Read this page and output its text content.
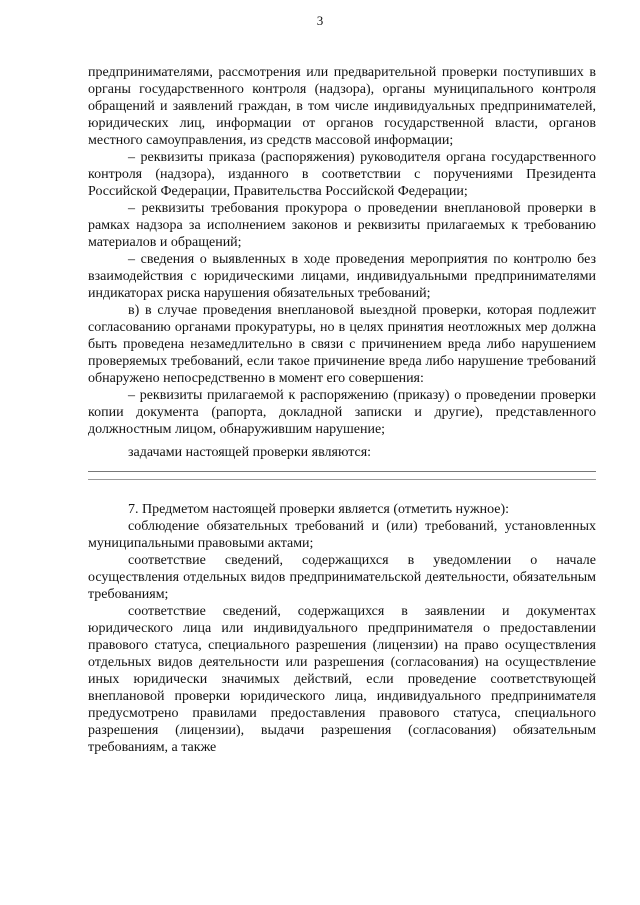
3

предпринимателями, рассмотрения или предварительной проверки поступивших в органы государственного контроля (надзора), органы муниципального контроля обращений и заявлений граждан, в том числе индивидуальных предпринимателей, юридических лиц, информации от органов государственной власти, органов местного самоуправления, из средств массовой информации;

– реквизиты приказа (распоряжения) руководителя органа государственного контроля (надзора), изданного в соответствии с поручениями Президента Российской Федерации, Правительства Российской Федерации;

– реквизиты требования прокурора о проведении внеплановой проверки в рамках надзора за исполнением законов и реквизиты прилагаемых к требованию материалов и обращений;

– сведения о выявленных в ходе проведения мероприятия по контролю без взаимодействия с юридическими лицами, индивидуальными предпринимателями индикаторах риска нарушения обязательных требований;

в) в случае проведения внеплановой выездной проверки, которая подлежит согласованию органами прокуратуры, но в целях принятия неотложных мер должна быть проведена незамедлительно в связи с причинением вреда либо нарушением проверяемых требований, если такое причинение вреда либо нарушение требований обнаружено непосредственно в момент его совершения:

– реквизиты прилагаемой к распоряжению (приказу) о проведении проверки копии документа (рапорта, докладной записки и другие), представленного должностным лицом, обнаружившим нарушение;

задачами настоящей проверки являются:

7. Предметом настоящей проверки является (отметить нужное):

соблюдение обязательных требований и (или) требований, установленных муниципальными правовыми актами;

соответствие сведений, содержащихся в уведомлении о начале осуществления отдельных видов предпринимательской деятельности, обязательным требованиям;

соответствие сведений, содержащихся в заявлении и документах юридического лица или индивидуального предпринимателя о предоставлении правового статуса, специального разрешения (лицензии) на право осуществления отдельных видов деятельности или разрешения (согласования) на осуществление иных юридически значимых действий, если проведение соответствующей внеплановой проверки юридического лица, индивидуального предпринимателя предусмотрено правилами предоставления правового статуса, специального разрешения (лицензии), выдачи разрешения (согласования) обязательным требованиям, а также
